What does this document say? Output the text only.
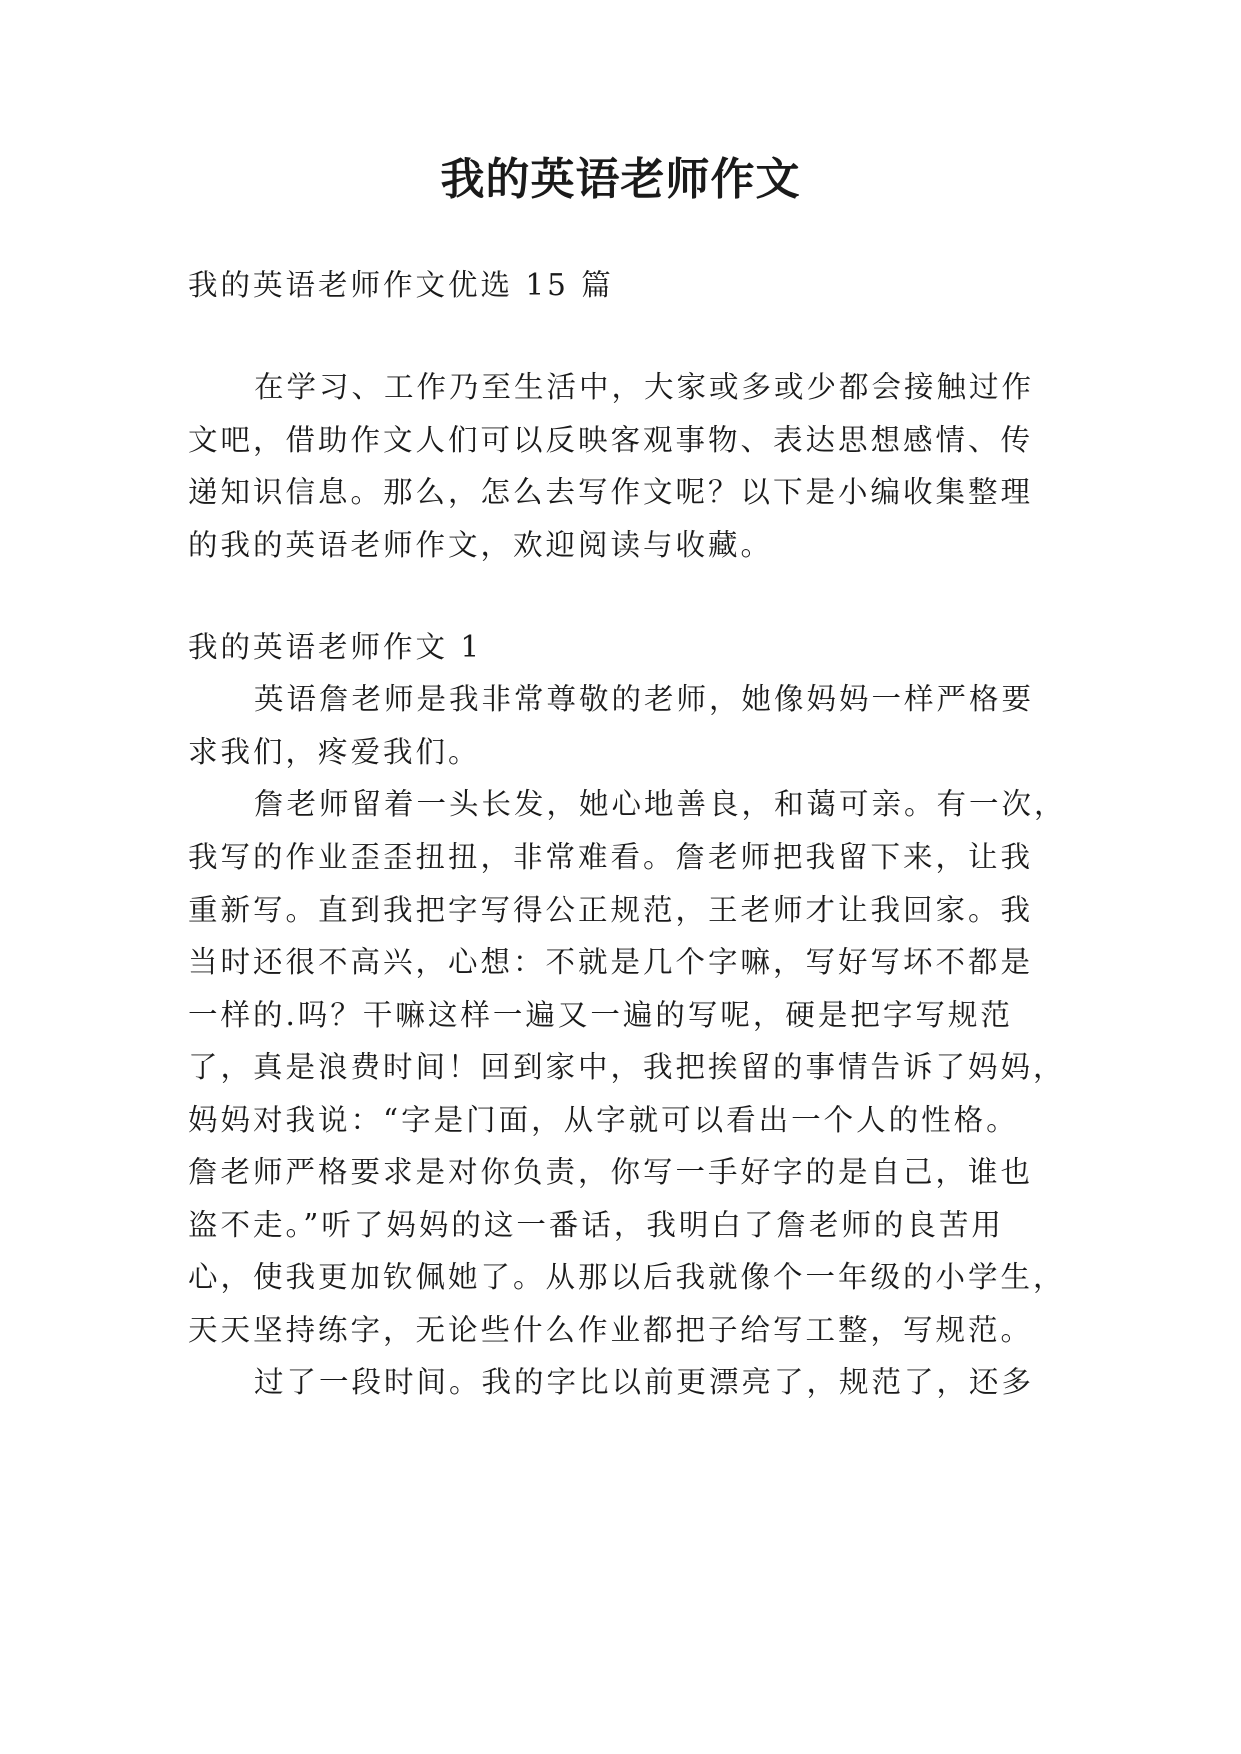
我的英语老师作文
我的英语老师作文优选 15 篇
在学习、工作乃至生活中，大家或多或少都会接触过作
文吧，借助作文人们可以反映客观事物、表达思想感情、传
递知识信息。那么，怎么去写作文呢？以下是小编收集整理
的我的英语老师作文，欢迎阅读与收藏。
我的英语老师作文 1
英语詹老师是我非常尊敬的老师，她像妈妈一样严格要
求我们，疼爱我们。
詹老师留着一头长发，她心地善良，和蔼可亲。有一次，
我写的作业歪歪扭扭，非常难看。詹老师把我留下来，让我
重新写。直到我把字写得公正规范，王老师才让我回家。我
当时还很不高兴，心想：不就是几个字嘛，写好写坏不都是
一样的.吗？干嘛这样一遍又一遍的写呢，硬是把字写规范
了，真是浪费时间！回到家中，我把挨留的事情告诉了妈妈，
妈妈对我说：“字是门面，从字就可以看出一个人的性格。
詹老师严格要求是对你负责，你写一手好字的是自己，谁也
盗不走。”听了妈妈的这一番话，我明白了詹老师的良苦用
心，使我更加钦佩她了。从那以后我就像个一年级的小学生，
天天坚持练字，无论些什么作业都把子给写工整，写规范。
过了一段时间。我的字比以前更漂亮了，规范了，还多
